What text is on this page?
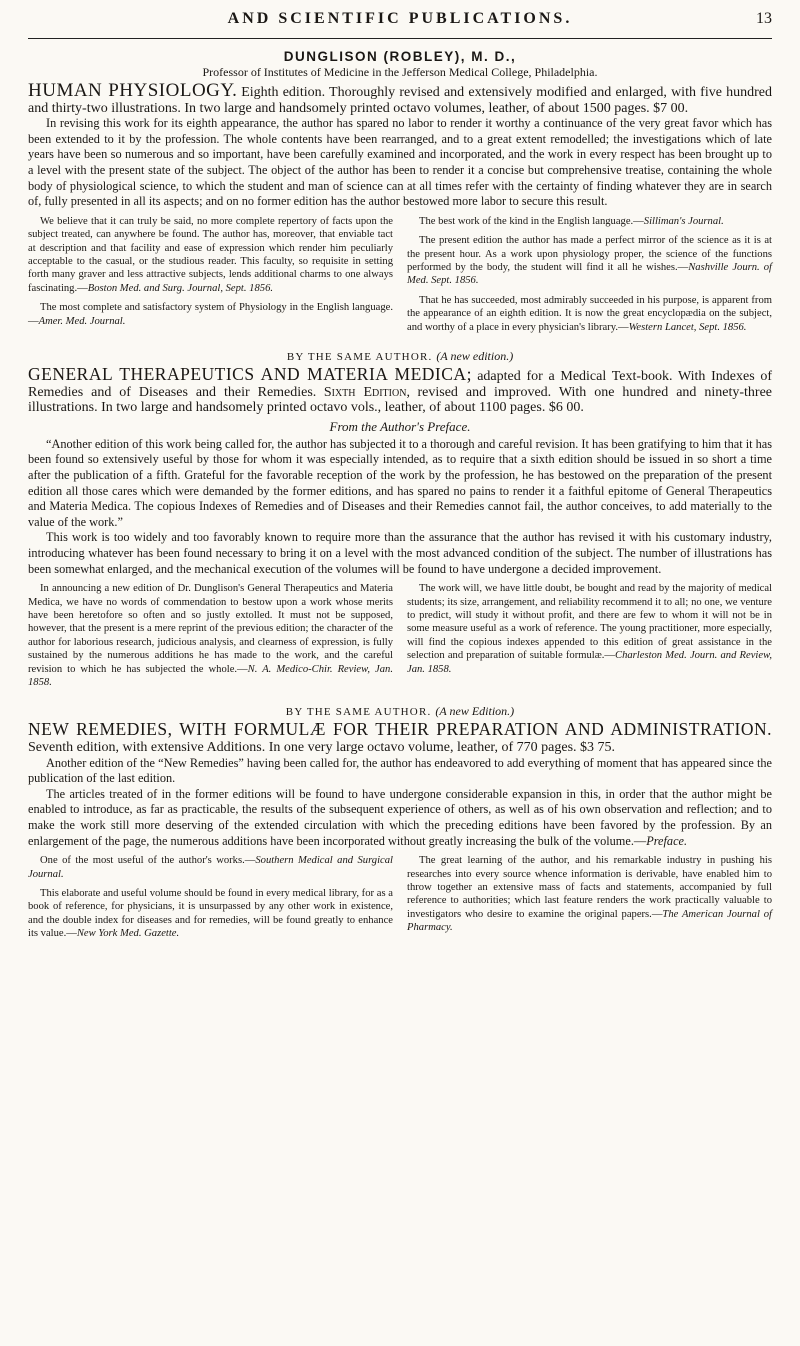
AND SCIENTIFIC PUBLICATIONS.	13
DUNGLISON (ROBLEY), M. D.,
Professor of Institutes of Medicine in the Jefferson Medical College, Philadelphia.

HUMAN PHYSIOLOGY. Eighth edition. Thoroughly revised and extensively modified and enlarged, with five hundred and thirty-two illustrations. In two large and handsomely printed octavo volumes, leather, of about 1500 pages. $7 00.

In revising this work for its eighth appearance, the author has spared no labor to render it worthy a continuance of the very great favor which has been extended to it by the profession. The whole contents have been rearranged, and to a great extent remodelled; the investigations which of late years have been so numerous and so important, have been carefully examined and incorporated, and the work in every respect has been brought up to a level with the present state of the subject. The object of the author has been to render it a concise but comprehensive treatise, containing the whole body of physiological science, to which the student and man of science can at all times refer with the certainty of finding whatever they are in search of, fully presented in all its aspects; and on no former edition has the author bestowed more labor to secure this result.

We believe that it can truly be said, no more complete repertory of facts upon the subject treated, can anywhere be found. The author has, moreover, that enviable tact at description and that facility and ease of expression which render him peculiarly acceptable to the casual, or the studious reader. This faculty, so requisite in setting forth many graver and less attractive subjects, lends additional charms to one always fascinating.—Boston Med. and Surg. Journal, Sept. 1856.

The most complete and satisfactory system of Physiology in the English language.—Amer. Med. Journal.

The best work of the kind in the English language.—Silliman's Journal.

The present edition the author has made a perfect mirror of the science as it is at the present hour. As a work upon physiology proper, the science of the functions performed by the body, the student will find it all he wishes.—Nashville Journ. of Med. Sept. 1856.

That he has succeeded, most admirably succeeded in his purpose, is apparent from the appearance of an eighth edition. It is now the great encyclopædia on the subject, and worthy of a place in every physician's library.—Western Lancet, Sept. 1856.

BY THE SAME AUTHOR. (A new edition.)

GENERAL THERAPEUTICS AND MATERIA MEDICA; adapted for a Medical Text-book. With Indexes of Remedies and of Diseases and their Remedies. Sixth Edition, revised and improved. With one hundred and ninety-three illustrations. In two large and handsomely printed octavo vols., leather, of about 1100 pages. $6 00.

From the Author's Preface.

“Another edition of this work being called for, the author has subjected it to a thorough and careful revision. It has been gratifying to him that it has been found so extensively useful by those for whom it was especially intended, as to require that a sixth edition should be issued in so short a time after the publication of a fifth. Grateful for the favorable reception of the work by the profession, he has bestowed on the preparation of the present edition all those cares which were demanded by the former editions, and has spared no pains to render it a faithful epitome of General Therapeutics and Materia Medica. The copious Indexes of Remedies and of Diseases and their Remedies cannot fail, the author conceives, to add materially to the value of the work.”

This work is too widely and too favorably known to require more than the assurance that the author has revised it with his customary industry, introducing whatever has been found necessary to bring it on a level with the most advanced condition of the subject. The number of illustrations has been somewhat enlarged, and the mechanical execution of the volumes will be found to have undergone a decided improvement.

In announcing a new edition of Dr. Dunglison's General Therapeutics and Materia Medica, we have no words of commendation to bestow upon a work whose merits have been heretofore so often and so justly extolled. It must not be supposed, however, that the present is a mere reprint of the previous edition; the character of the author for laborious research, judicious analysis, and clearness of expression, is fully sustained by the numerous additions he has made to the work, and the careful revision to which he has subjected the whole.—N. A. Medico-Chir. Review, Jan. 1858.

The work will, we have little doubt, be bought and read by the majority of medical students; its size, arrangement, and reliability recommend it to all; no one, we venture to predict, will study it without profit, and there are few to whom it will not be in some measure useful as a work of reference. The young practitioner, more especially, will find the copious indexes appended to this edition of great assistance in the selection and preparation of suitable formulæ.—Charleston Med. Journ. and Review, Jan. 1858.

BY THE SAME AUTHOR. (A new Edition.)

NEW REMEDIES, WITH FORMULÆ FOR THEIR PREPARATION AND ADMINISTRATION. Seventh edition, with extensive Additions. In one very large octavo volume, leather, of 770 pages. $3 75.

Another edition of the “New Remedies” having been called for, the author has endeavored to add everything of moment that has appeared since the publication of the last edition.

The articles treated of in the former editions will be found to have undergone considerable expansion in this, in order that the author might be enabled to introduce, as far as practicable, the results of the subsequent experience of others, as well as of his own observation and reflection; and to make the work still more deserving of the extended circulation with which the preceding editions have been favored by the profession. By an enlargement of the page, the numerous additions have been incorporated without greatly increasing the bulk of the volume.—Preface.

One of the most useful of the author's works.—Southern Medical and Surgical Journal.

This elaborate and useful volume should be found in every medical library, for as a book of reference, for physicians, it is unsurpassed by any other work in existence, and the double index for diseases and for remedies, will be found greatly to enhance its value.—New York Med. Gazette.

The great learning of the author, and his remarkable industry in pushing his researches into every source whence information is derivable, have enabled him to throw together an extensive mass of facts and statements, accompanied by full reference to authorities; which last feature renders the work practically valuable to investigators who desire to examine the original papers.—The American Journal of Pharmacy.
